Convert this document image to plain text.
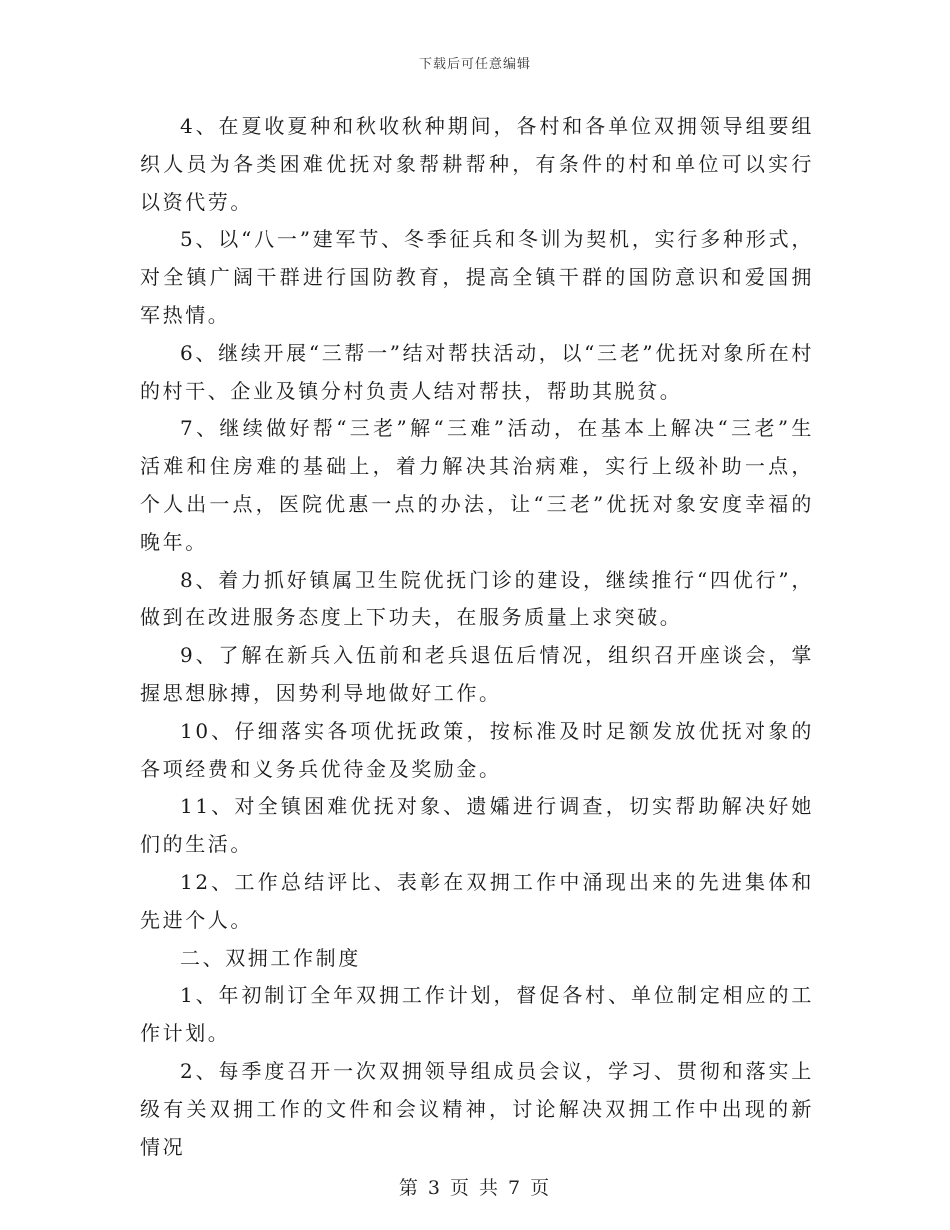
下载后可任意编辑

4、在夏收夏种和秋收秋种期间，各村和各单位双拥领导组要组织人员为各类困难优抚对象帮耕帮种，有条件的村和单位可以实行以资代劳。

5、以“八一”建军节、冬季征兵和冬训为契机，实行多种形式，对全镇广阔干群进行国防教育，提高全镇干群的国防意识和爱国拥军热情。

6、继续开展“三帮一”结对帮扶活动，以“三老”优抚对象所在村的村干、企业及镇分村负责人结对帮扶，帮助其脱贫。

7、继续做好帮“三老”解“三难”活动，在基本上解决“三老”生活难和住房难的基础上，着力解决其治病难，实行上级补助一点，个人出一点，医院优惠一点的办法，让“三老”优抚对象安度幸福的晚年。

8、着力抓好镇属卫生院优抚门诊的建设，继续推行“四优行”，做到在改进服务态度上下功夫，在服务质量上求突破。

9、了解在新兵入伍前和老兵退伍后情况，组织召开座谈会，掌握思想脉搏，因势利导地做好工作。

10、仔细落实各项优抚政策，按标准及时足额发放优抚对象的各项经费和义务兵优待金及奖励金。

11、对全镇困难优抚对象、遗孀进行调查，切实帮助解决好她们的生活。

12、工作总结评比、表彰在双拥工作中涌现出来的先进集体和先进个人。

二、双拥工作制度

1、年初制订全年双拥工作计划，督促各村、单位制定相应的工作计划。

2、每季度召开一次双拥领导组成员会议，学习、贯彻和落实上级有关双拥工作的文件和会议精神，讨论解决双拥工作中出现的新情况

第 3 页 共 7 页
